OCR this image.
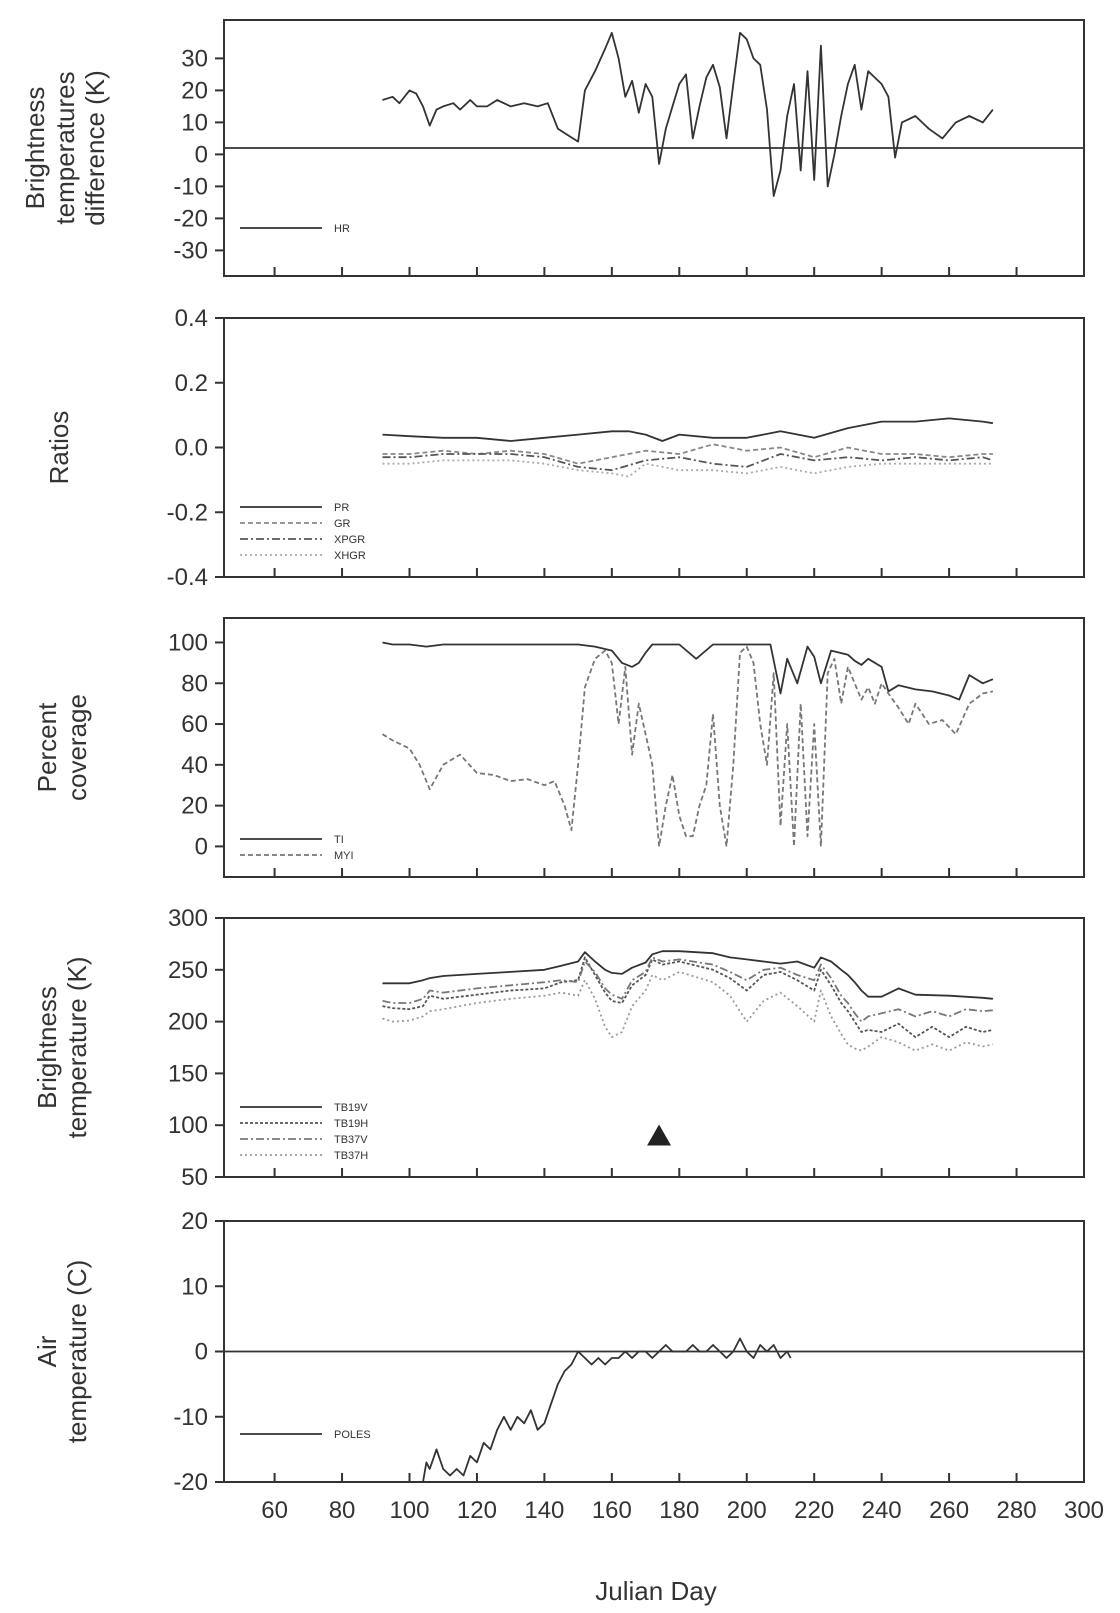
Julian Day
30
20
10
0
-10
-20
-30
Brightness temperatures difference (K)
HR
0.4
0.2
0.0
-0.2
-0.4
Ratios
PR
GR
XPGR
XHGR
100
80
60
40
20
0
Percent coverage
TI
MYI
300
250
200
150
100
50
Brightness temperature (K)	TB19V
TB19H
TB37V
TB37H
20
10
0
-10
-20
Air temperature (C)	POLES
60 80 100 120 140 160 180 200 220 240 260 280 300
